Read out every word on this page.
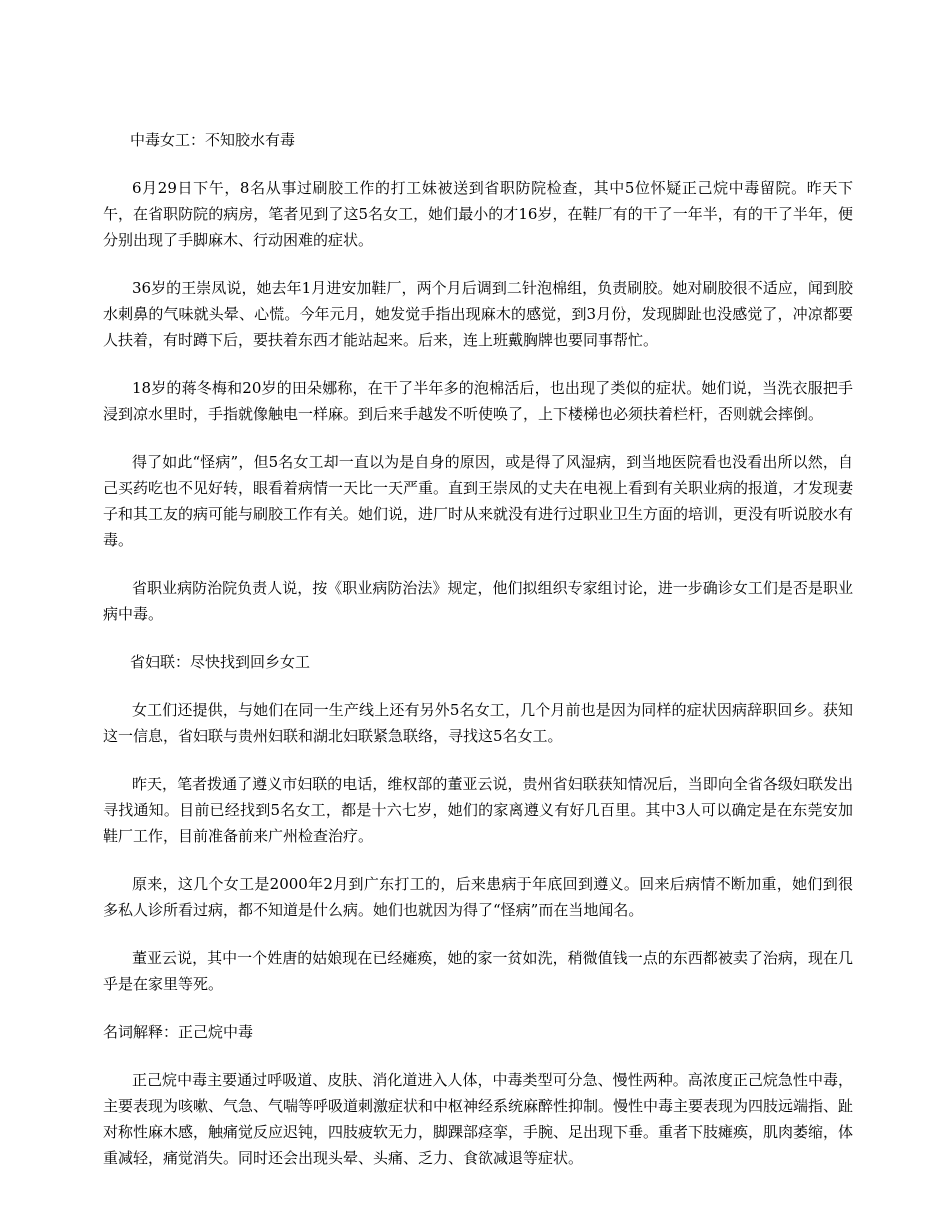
中毒女工：不知胶水有毒

6月29日下午，8名从事过刷胶工作的打工妹被送到省职防院检查，其中5位怀疑正己烷中毒留院。昨天下午，在省职防院的病房，笔者见到了这5名女工，她们最小的才16岁，在鞋厂有的干了一年半，有的干了半年，便分别出现了手脚麻木、行动困难的症状。

36岁的王崇凤说，她去年1月进安加鞋厂，两个月后调到二针泡棉组，负责刷胶。她对刷胶很不适应，闻到胶水刺鼻的气味就头晕、心慌。今年元月，她发觉手指出现麻木的感觉，到3月份，发现脚趾也没感觉了，冲凉都要人扶着，有时蹲下后，要扶着东西才能站起来。后来，连上班戴胸牌也要同事帮忙。

18岁的蒋冬梅和20岁的田朵娜称，在干了半年多的泡棉活后，也出现了类似的症状。她们说，当洗衣服把手浸到凉水里时，手指就像触电一样麻。到后来手越发不听使唤了，上下楼梯也必须扶着栏杆，否则就会摔倒。

得了如此“怪病”，但5名女工却一直以为是自身的原因，或是得了风湿病，到当地医院看也没看出所以然，自己买药吃也不见好转，眼看着病情一天比一天严重。直到王崇凤的丈夫在电视上看到有关职业病的报道，才发现妻子和其工友的病可能与刷胶工作有关。她们说，进厂时从来就没有进行过职业卫生方面的培训，更没有听说胶水有毒。

省职业病防治院负责人说，按《职业病防治法》规定，他们拟组织专家组讨论，进一步确诊女工们是否是职业病中毒。

省妇联：尽快找到回乡女工

女工们还提供，与她们在同一生产线上还有另外5名女工，几个月前也是因为同样的症状因病辞职回乡。获知这一信息，省妇联与贵州妇联和湖北妇联紧急联络，寻找这5名女工。

昨天，笔者拨通了遵义市妇联的电话，维权部的董亚云说，贵州省妇联获知情况后，当即向全省各级妇联发出寻找通知。目前已经找到5名女工，都是十六七岁，她们的家离遵义有好几百里。其中3人可以确定是在东莞安加鞋厂工作，目前准备前来广州检查治疗。

原来，这几个女工是2000年2月到广东打工的，后来患病于年底回到遵义。回来后病情不断加重，她们到很多私人诊所看过病，都不知道是什么病。她们也就因为得了“怪病”而在当地闻名。

董亚云说，其中一个姓唐的姑娘现在已经瘫痪，她的家一贫如洗，稍微值钱一点的东西都被卖了治病，现在几乎是在家里等死。

名词解释：正己烷中毒

正己烷中毒主要通过呼吸道、皮肤、消化道进入人体，中毒类型可分急、慢性两种。高浓度正己烷急性中毒，主要表现为咳嗽、气急、气喘等呼吸道刺激症状和中枢神经系统麻醉性抑制。慢性中毒主要表现为四肢远端指、趾对称性麻木感，触痛觉反应迟钝，四肢疲软无力，脚踝部痉挛，手腕、足出现下垂。重者下肢瘫痪，肌肉萎缩，体重减轻，痛觉消失。同时还会出现头晕、头痛、乏力、食欲减退等症状。
